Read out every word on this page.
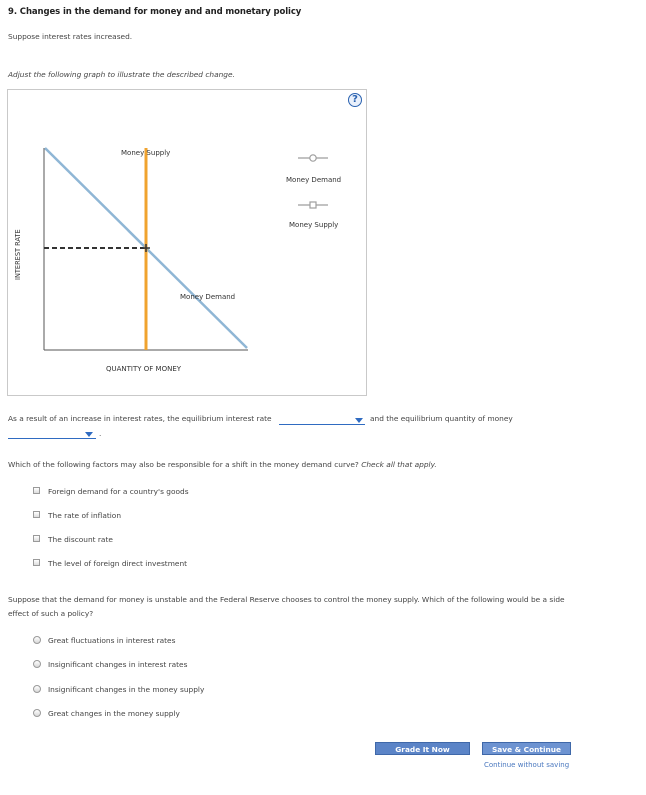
9. Changes in the demand for money and and monetary policy
Suppose interest rates increased.
Adjust the following graph to illustrate the described change.
?
Money Supply
Money Demand
Money Demand
Money Supply
QUANTITY OF MONEY
INTEREST RATE
As a result of an increase in interest rates, the equilibrium interest rate	and the equilibrium quantity of money
.
Which of the following factors may also be responsible for a shift in the money demand curve? Check all that apply.
Foreign demand for a country's goods
The rate of inflation
The discount rate
The level of foreign direct investment
Suppose that the demand for money is unstable and the Federal Reserve chooses to control the money supply. Which of the following would be a side
effect of such a policy?
Great fluctuations in interest rates
Insignificant changes in interest rates
Insignificant changes in the money supply
Great changes in the money supply
Grade It Now	Save & Continue
Continue without saving
